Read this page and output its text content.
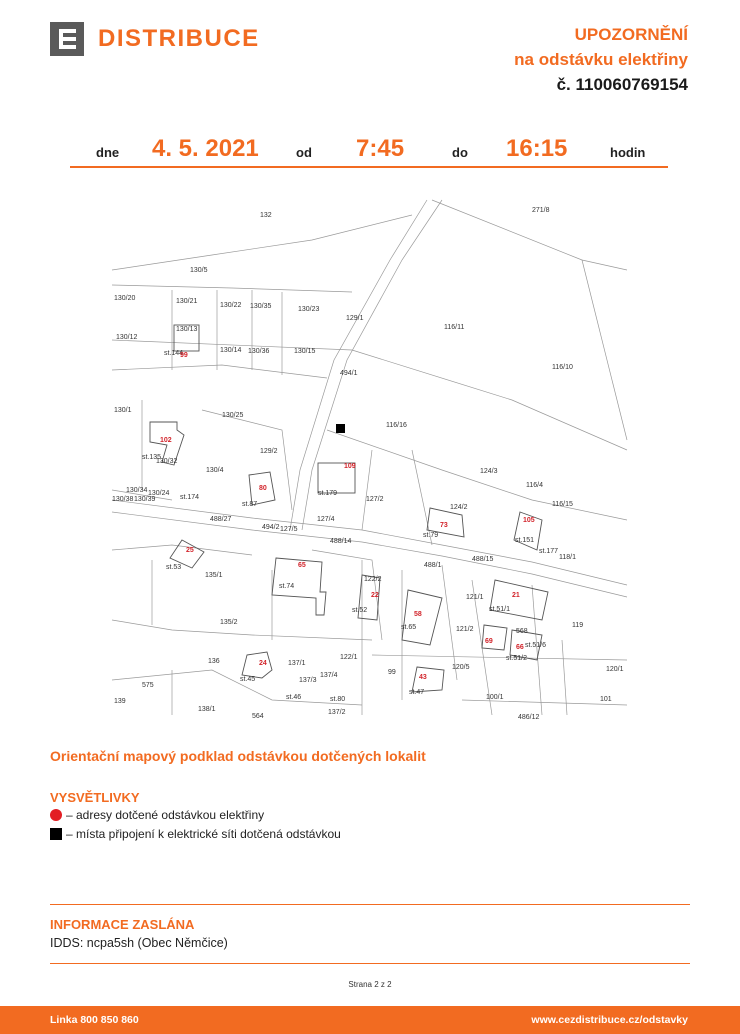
DISTRIBUCE	UPOZORNĚNÍ
na odstávku elektřiny
č. 110060769154
dne 4. 5. 2021	od 7:45	do 16:15	hodin
132
271/8
130/5
130/20	130/21
130/22 130/35	130/23
129/1
116/11
130/12
130/13
st.144	130/14 130/36	130/15
116/10
494/1
130/1
130/25
130/32
116/16
st.135
129/2
130/4	124/3
130/34 130/24
st.174
st.179
127/2
116/4
130/38 130/39
st.87	124/2	116/15
488/27
494/2 127/5
127/4
488/14
st.79
st.151
st.177
118/1
488/15
488/1
st.53
135/1
st.74
122/2
121/1
st.52	st.51/1
135/2
st.65	119
121/2	568
136	137/1
122/1
st.51/6
st.51/2
120/1
st.45
137/4	99
120/5
575
137/3
st.46	st.80
st.47
100/1	101
139
138/1
564
137/2
486/12
99
102
109
80
73
105
25
65
22
58
21
69
66
24
43
Orientační mapový podklad odstávkou dotčených lokalit
VYSVĚTLIVKY
– adresy dotčené odstávkou elektřiny
– místa připojení k elektrické síti dotčená odstávkou
INFORMACE ZASLÁNA
IDDS: ncpa5sh (Obec Němčice)
Strana 2 z 2
Linka 800 850 860	www.cezdistribuce.cz/odstavky
